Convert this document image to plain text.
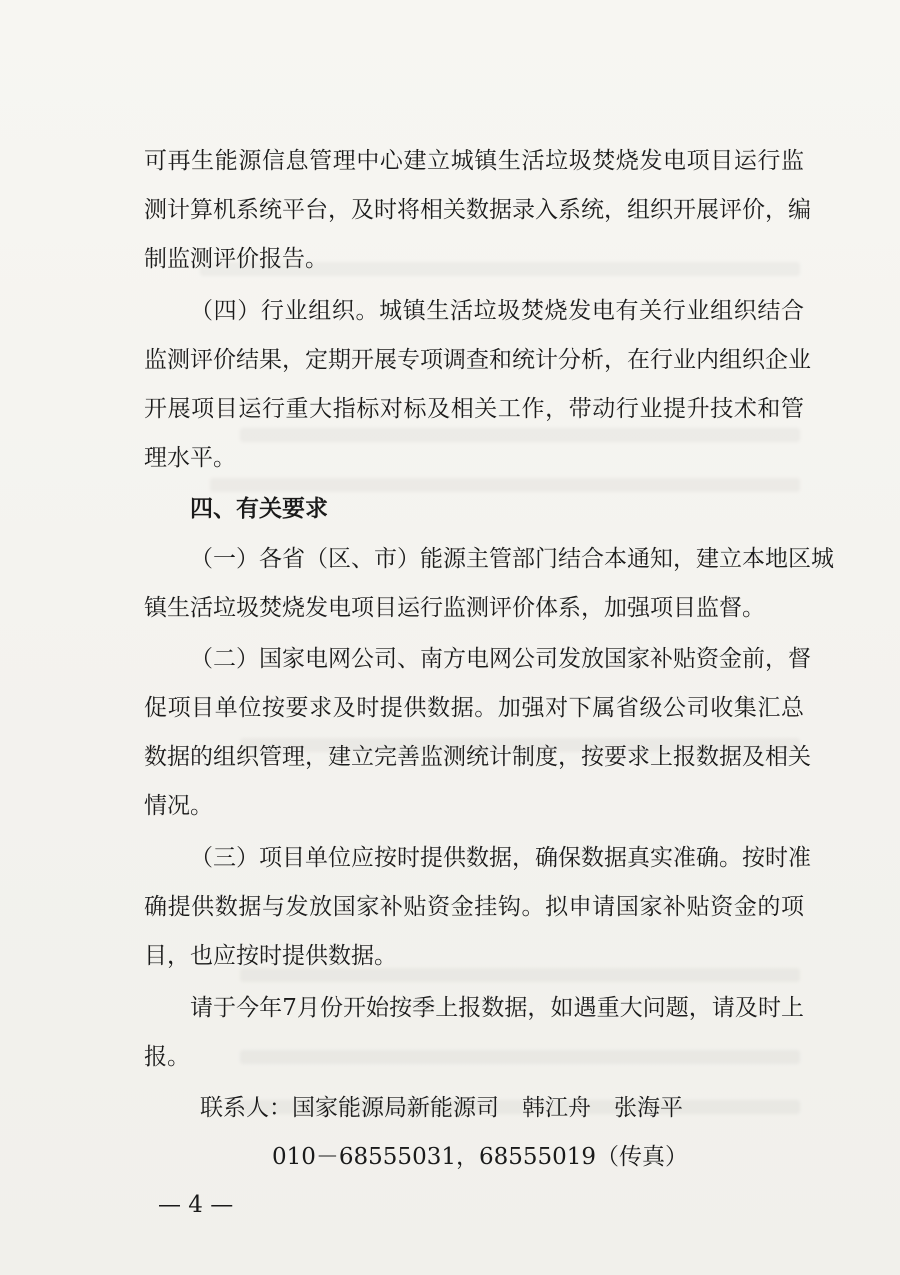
可再生能源信息管理中心建立城镇生活垃圾焚烧发电项目运行监
测计算机系统平台，及时将相关数据录入系统，组织开展评价，编
制监测评价报告。
（四）行业组织。城镇生活垃圾焚烧发电有关行业组织结合
监测评价结果，定期开展专项调查和统计分析，在行业内组织企业
开展项目运行重大指标对标及相关工作，带动行业提升技术和管
理水平。
四、有关要求
（一）各省（区、市）能源主管部门结合本通知，建立本地区城
镇生活垃圾焚烧发电项目运行监测评价体系，加强项目监督。
（二）国家电网公司、南方电网公司发放国家补贴资金前，督
促项目单位按要求及时提供数据。加强对下属省级公司收集汇总
数据的组织管理，建立完善监测统计制度，按要求上报数据及相关
情况。
（三）项目单位应按时提供数据，确保数据真实准确。按时准
确提供数据与发放国家补贴资金挂钩。拟申请国家补贴资金的项
目，也应按时提供数据。
请于今年7月份开始按季上报数据，如遇重大问题，请及时上
报。
联系人：国家能源局新能源司　韩江舟　张海平
010－68555031，68555019（传真）
— 4 —
